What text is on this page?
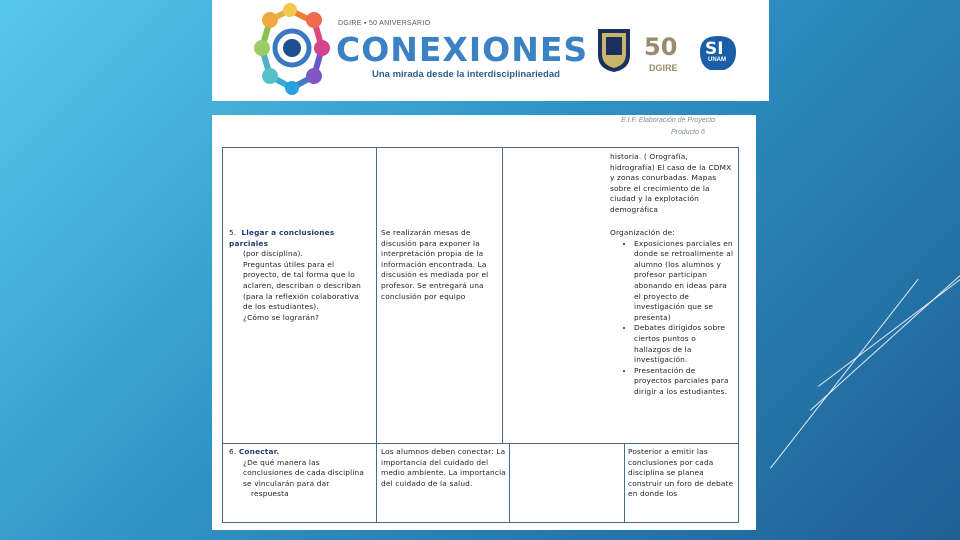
DGIRE ▪ 50 ANIVERSARIO
CONEXIONES
Una mirada desde la interdisciplinariedad
50
DGIRE
SI
UNAM
E.I.F. Elaboración de Proyecto
Producto 6
historia. ( Orografía, hidrografía) El caso de la CDMX y zonas conurbadas. Mapas sobre el crecimiento de la ciudad y la explotación demográfica

5. Llegar a conclusiones parciales

(por disciplina).

Preguntas útiles para el

proyecto, de tal forma que lo

aclaren, describan o describan

(para la reflexión colaborativa

de los estudiantes).

¿Cómo se lograrán?

Se realizarán mesas de discusión para exponer la interpretación propia de la información encontrada. La discusión es mediada por el profesor. Se entregará una conclusión por equipo

Organización de:

• Exposiciones parciales en donde se retroalimente al alumno (los alumnos y profesor participan abonando en ideas para el proyecto de investigación que se presenta)
• Debates dirigidos sobre ciertos puntos o hallazgos de la investigación.
• Presentación de proyectos parciales para dirigir a los estudiantes.

6. Conectar.

¿De qué manera las

conclusiones de cada disciplina

se vincularán para dar

respuesta

Los alumnos deben conectar: La importancia del cuidado del medio ambiente. La importancia del cuidado de la salud.
Posterior a emitir las conclusiones por cada disciplina se planea construir un foro de debate en donde los
